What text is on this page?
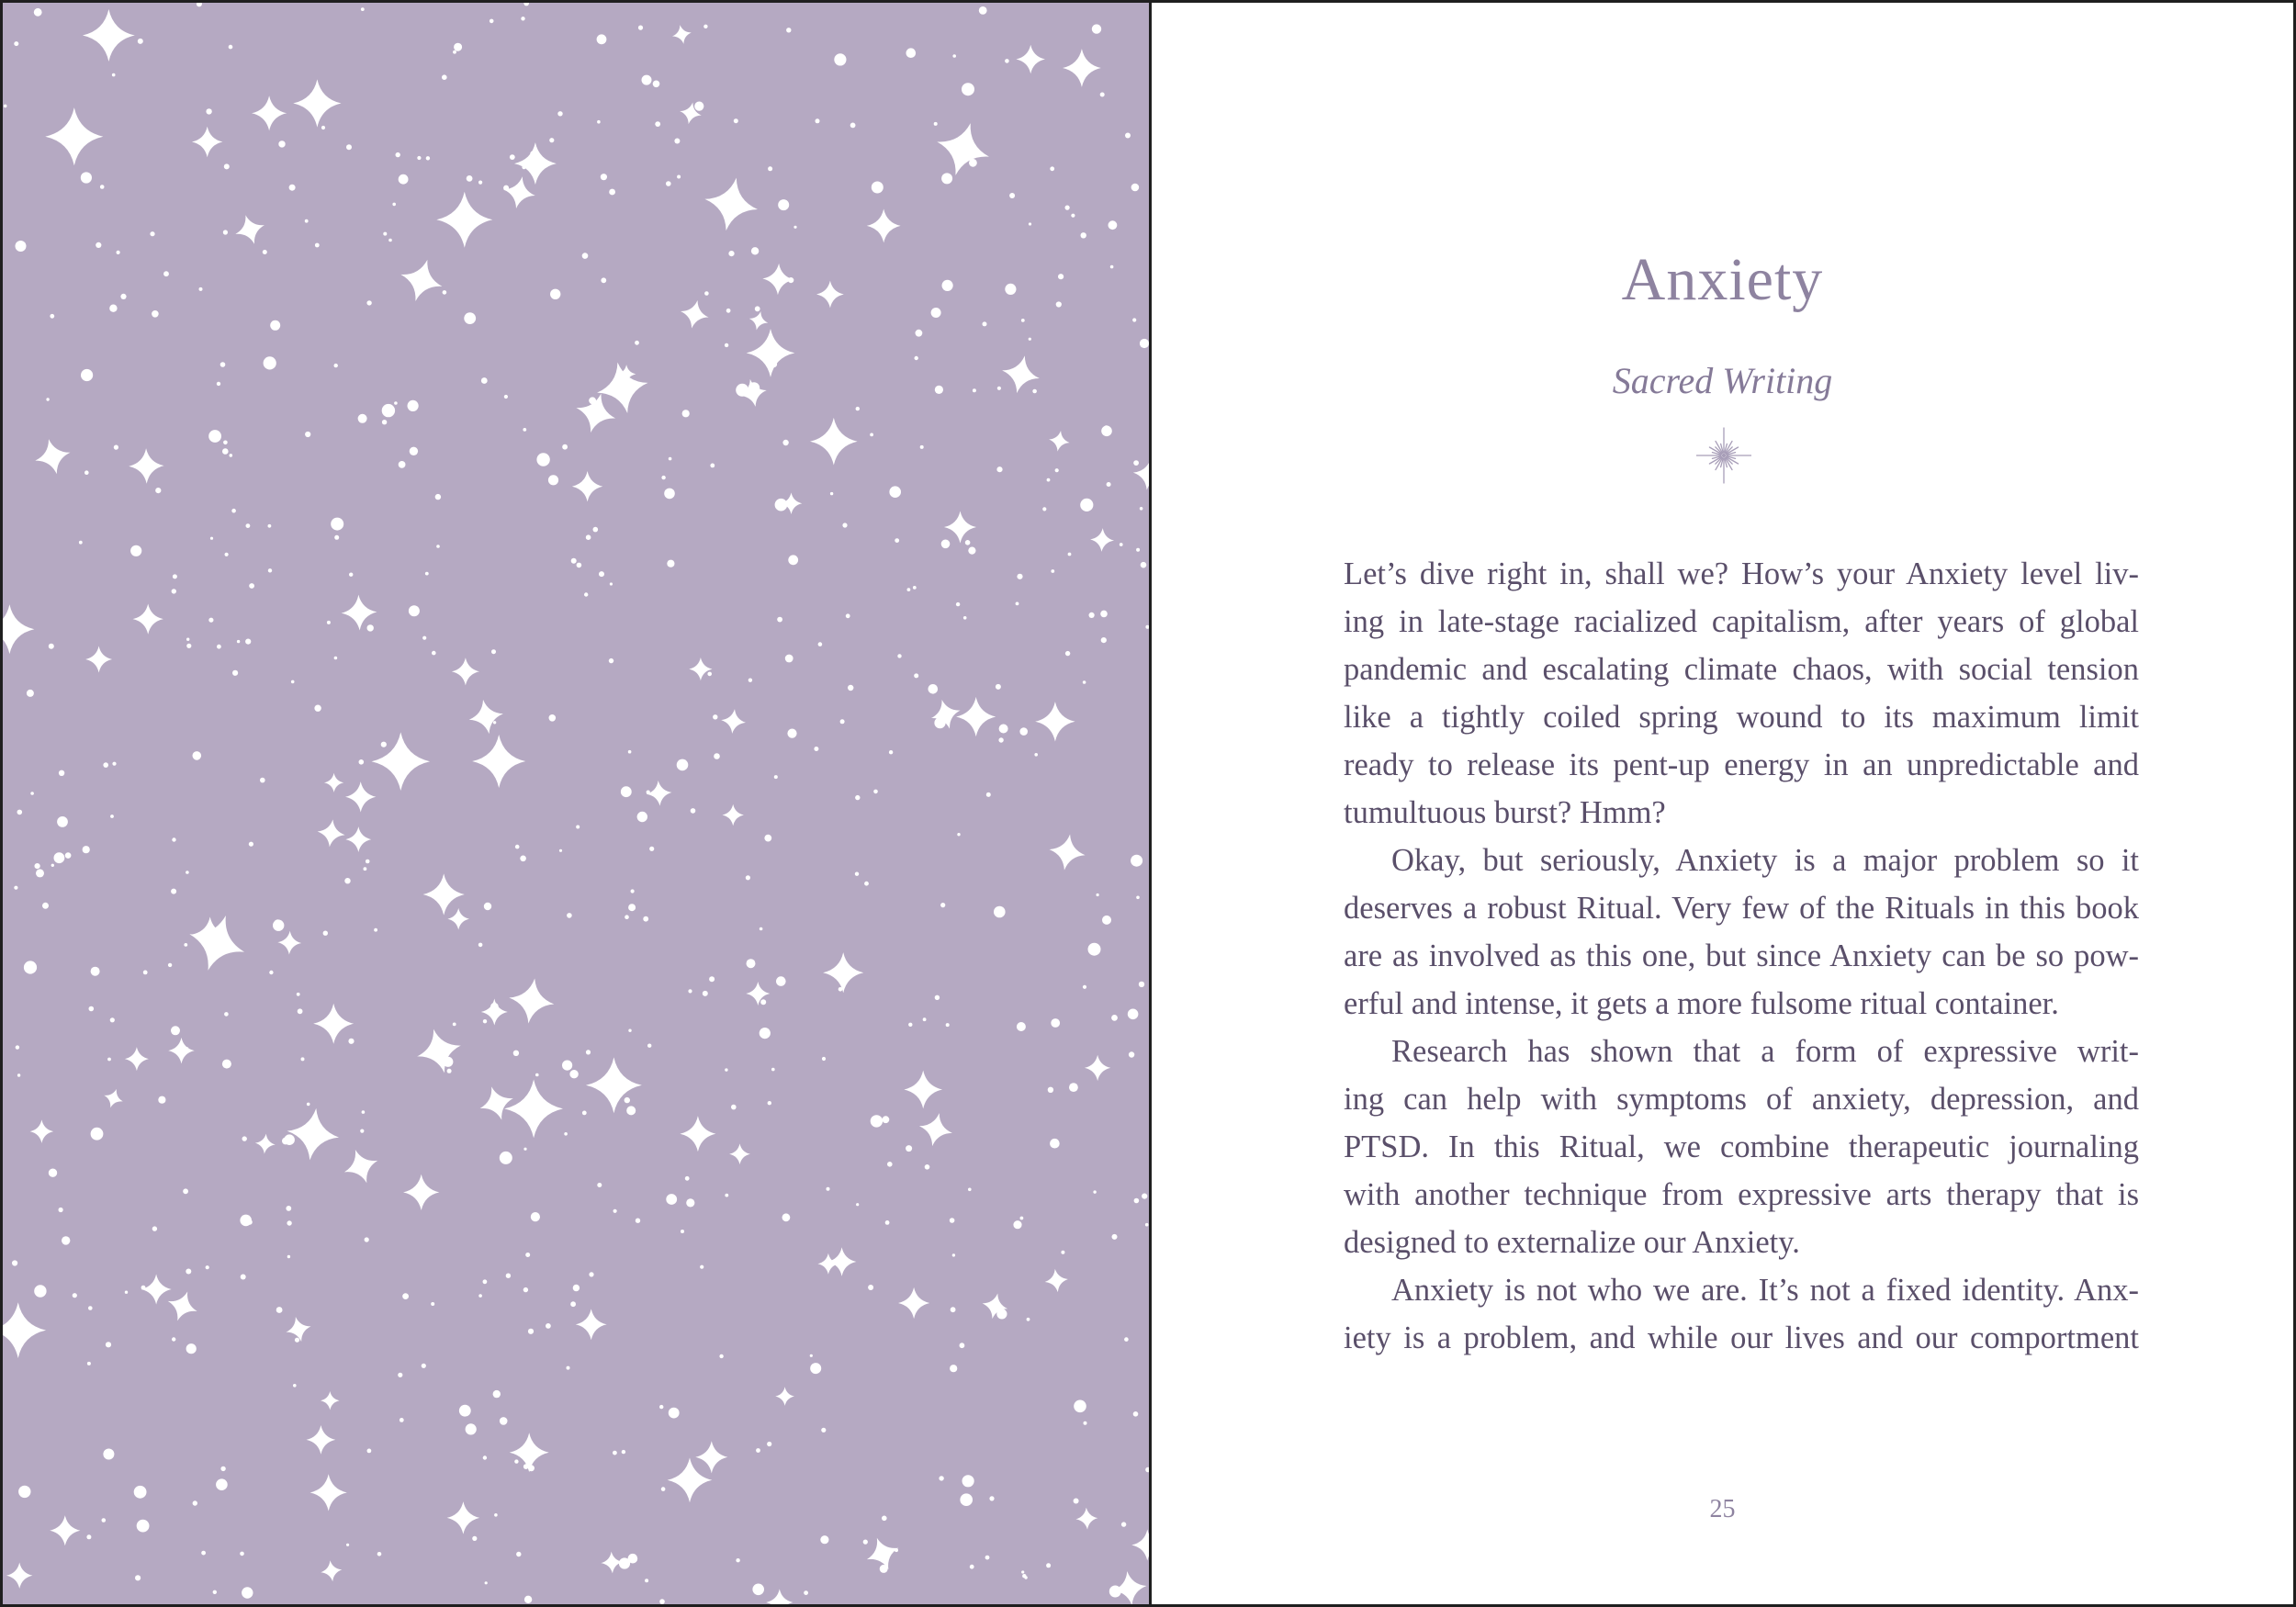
Anxiety
Sacred Writing

Let’s dive right in, shall we? How’s your Anxiety level liv-

ing in late-stage racialized capitalism, after years of global

pandemic and escalating climate chaos, with social tension

like a tightly coiled spring wound to its maximum limit

ready to release its pent-up energy in an unpredictable and

tumultuous burst? Hmm?

Okay, but seriously, Anxiety is a major problem so it

deserves a robust Ritual. Very few of the Rituals in this book

are as involved as this one, but since Anxiety can be so pow-

erful and intense, it gets a more fulsome ritual container.

Research has shown that a form of expressive writ-

ing can help with symptoms of anxiety, depression, and

PTSD. In this Ritual, we combine therapeutic journaling

with another technique from expressive arts therapy that is

designed to externalize our Anxiety.

Anxiety is not who we are. It’s not a fixed identity. Anx-

iety is a problem, and while our lives and our comportment

25
